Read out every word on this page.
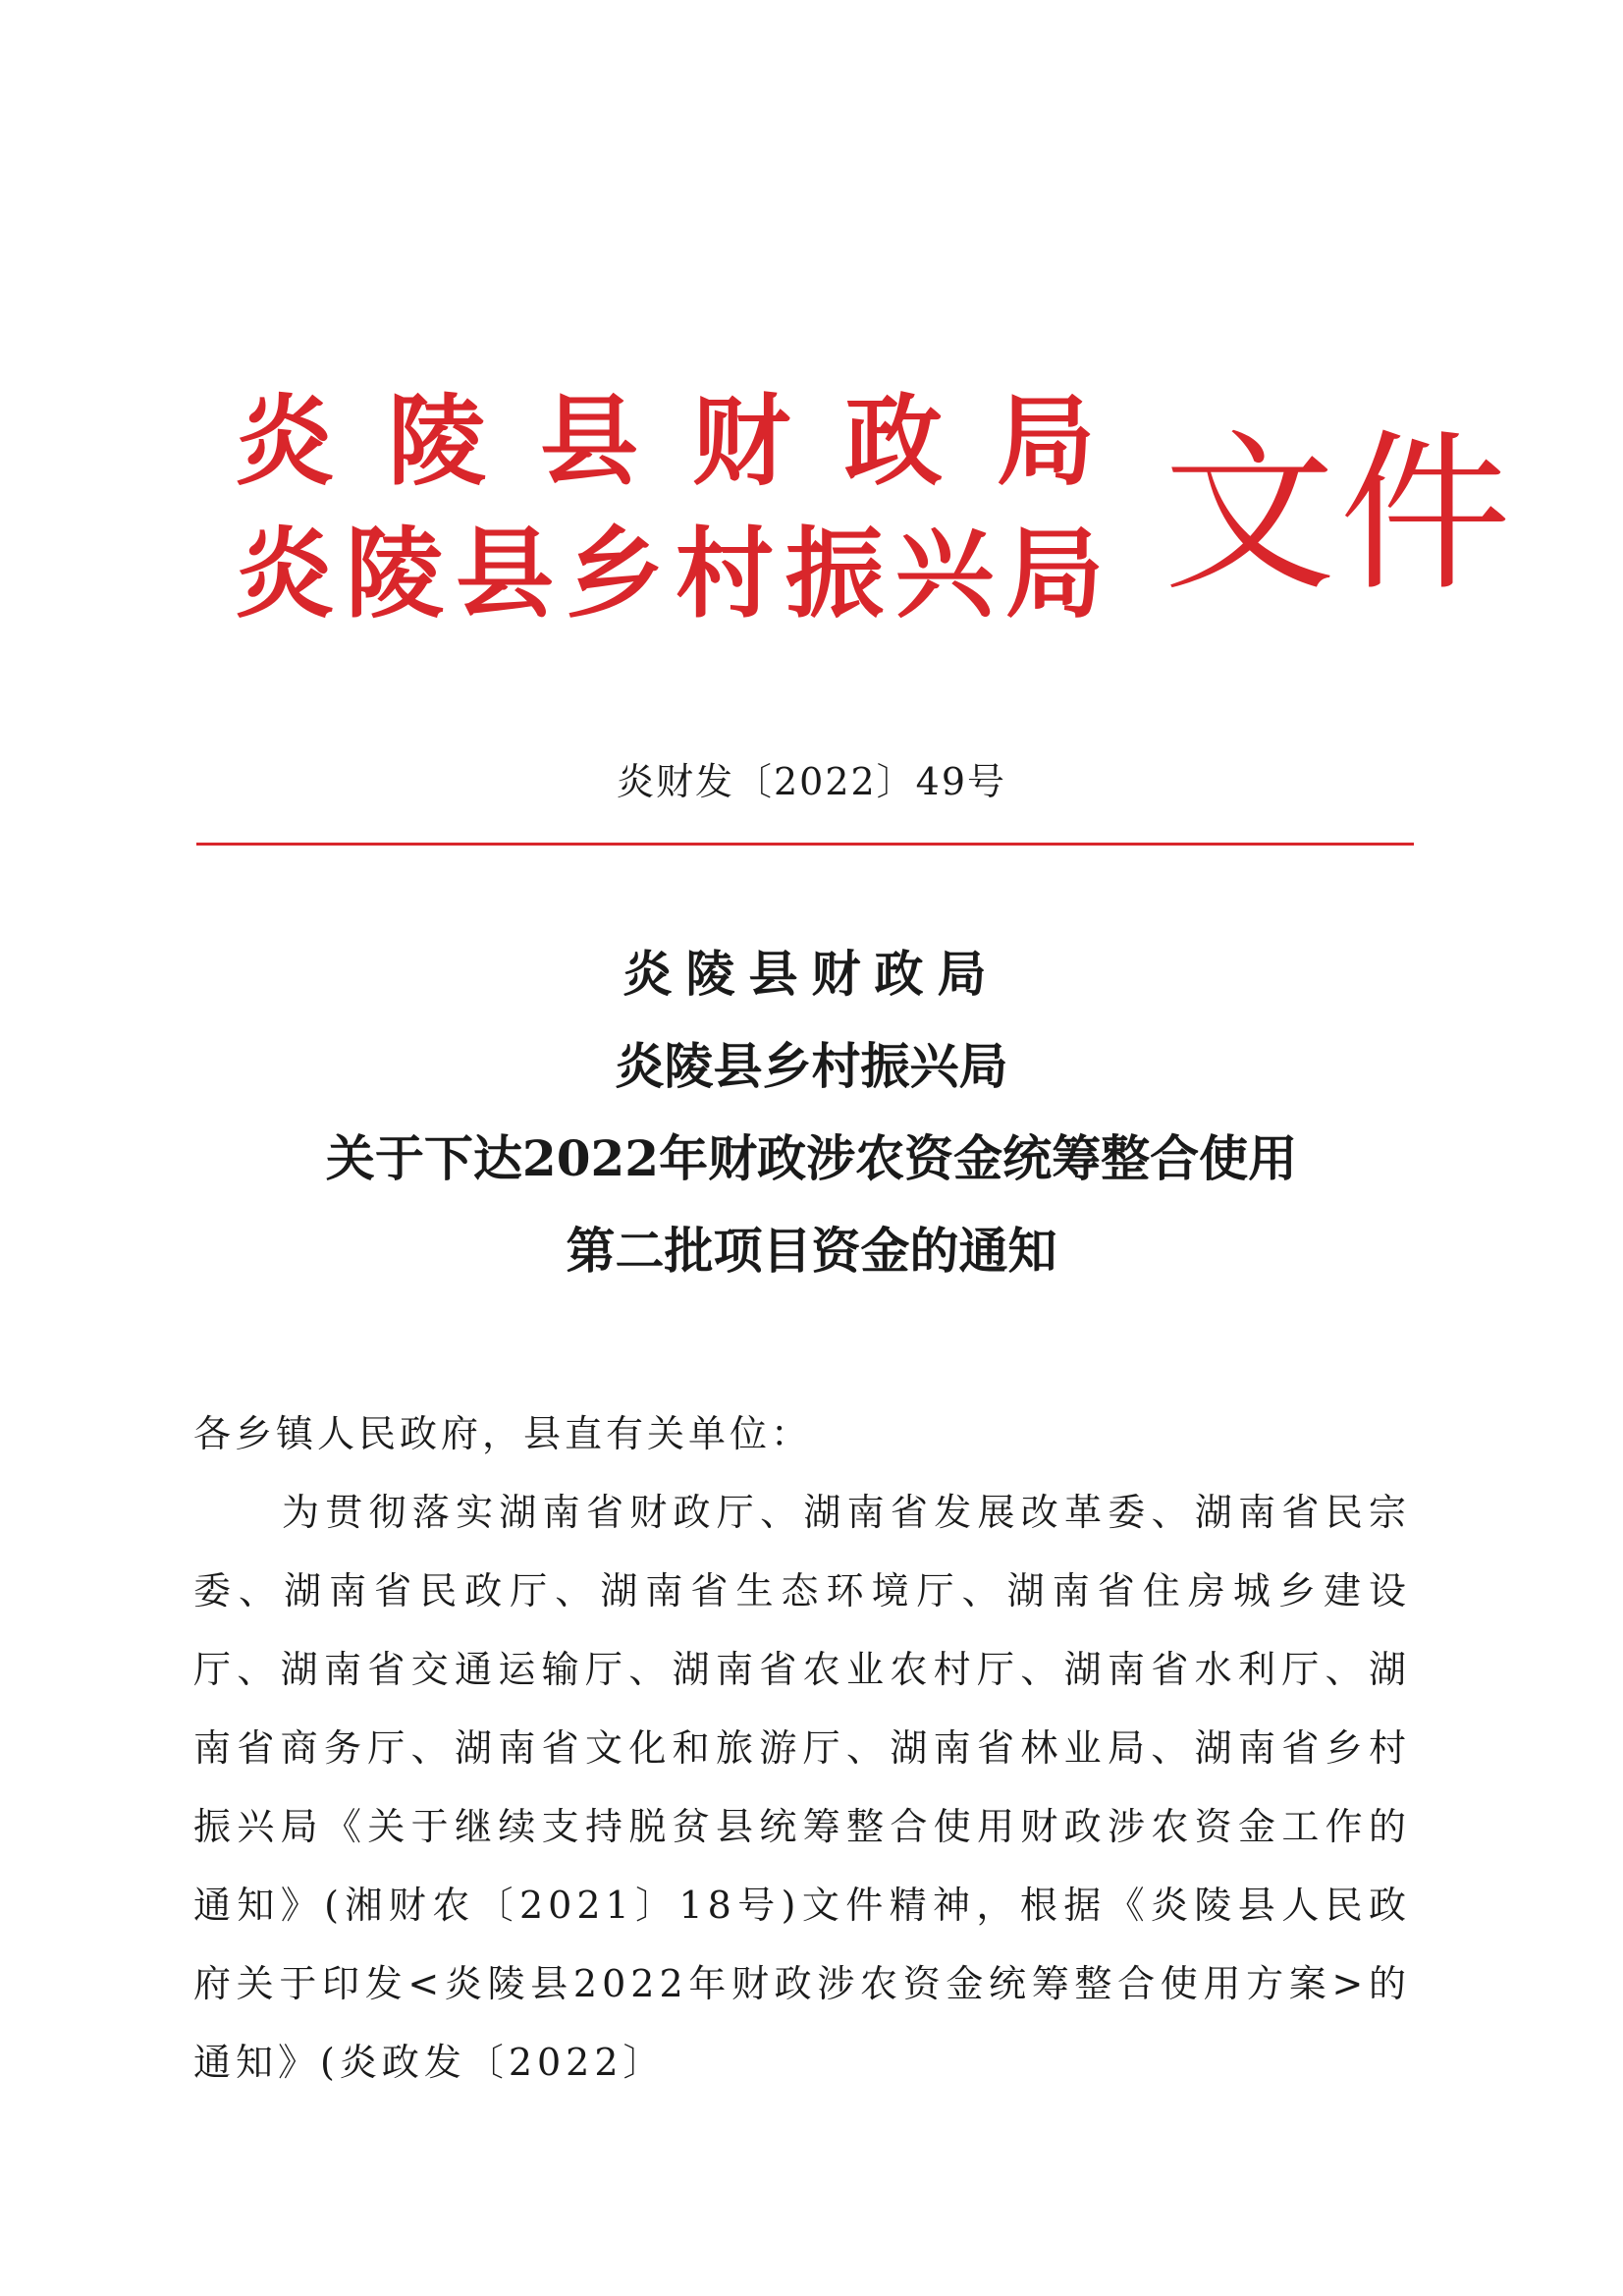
炎陵县财政局
炎陵县乡村振兴局 文件
炎财发〔2022〕49号
炎陵县财政局
炎陵县乡村振兴局
关于下达2022年财政涉农资金统筹整合使用
第二批项目资金的通知
各乡镇人民政府，县直有关单位：

为贯彻落实湖南省财政厅、湖南省发展改革委、湖南省民宗委、湖南省民政厅、湖南省生态环境厅、湖南省住房城乡建设厅、湖南省交通运输厅、湖南省农业农村厅、湖南省水利厅、湖南省商务厅、湖南省文化和旅游厅、湖南省林业局、湖南省乡村振兴局《关于继续支持脱贫县统筹整合使用财政涉农资金工作的通知》(湘财农〔2021〕18号)文件精神，根据《炎陵县人民政府关于印发<炎陵县2022年财政涉农资金统筹整合使用方案>的通知》(炎政发〔2022〕
